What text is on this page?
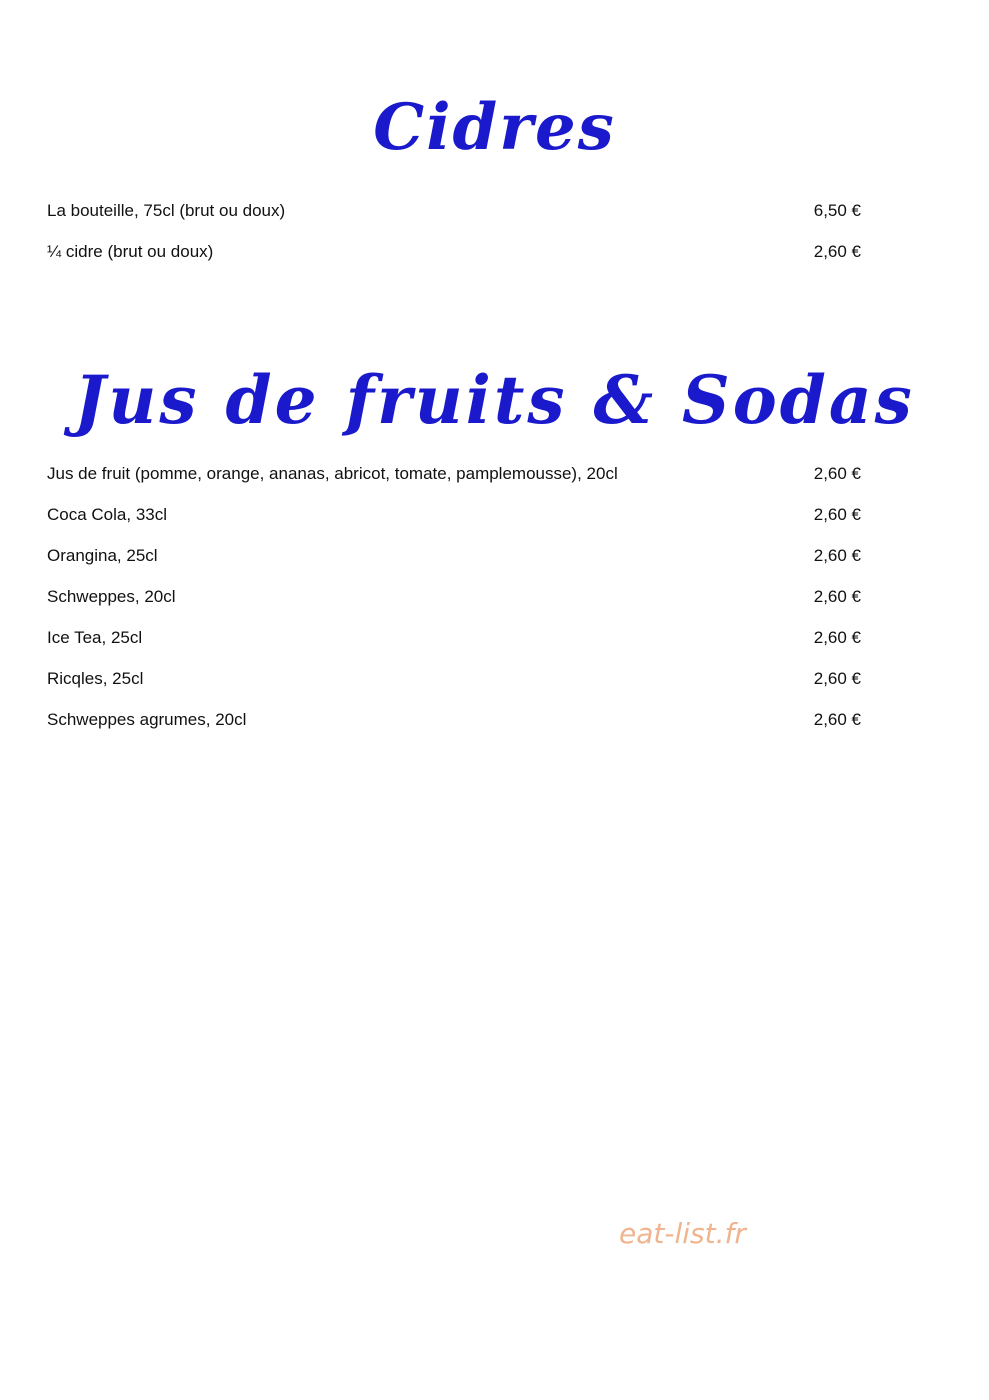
Cidres
La bouteille, 75cl (brut ou doux)	6,50 €
¼ cidre (brut ou doux)	2,60 €
Jus de fruits & Sodas
Jus de fruit (pomme, orange, ananas, abricot, tomate, pamplemousse), 20cl	2,60 €
Coca Cola, 33cl	2,60 €
Orangina, 25cl	2,60 €
Schweppes, 20cl	2,60 €
Ice Tea, 25cl	2,60 €
Ricqles, 25cl	2,60 €
Schweppes agrumes, 20cl	2,60 €
eat-list.fr
